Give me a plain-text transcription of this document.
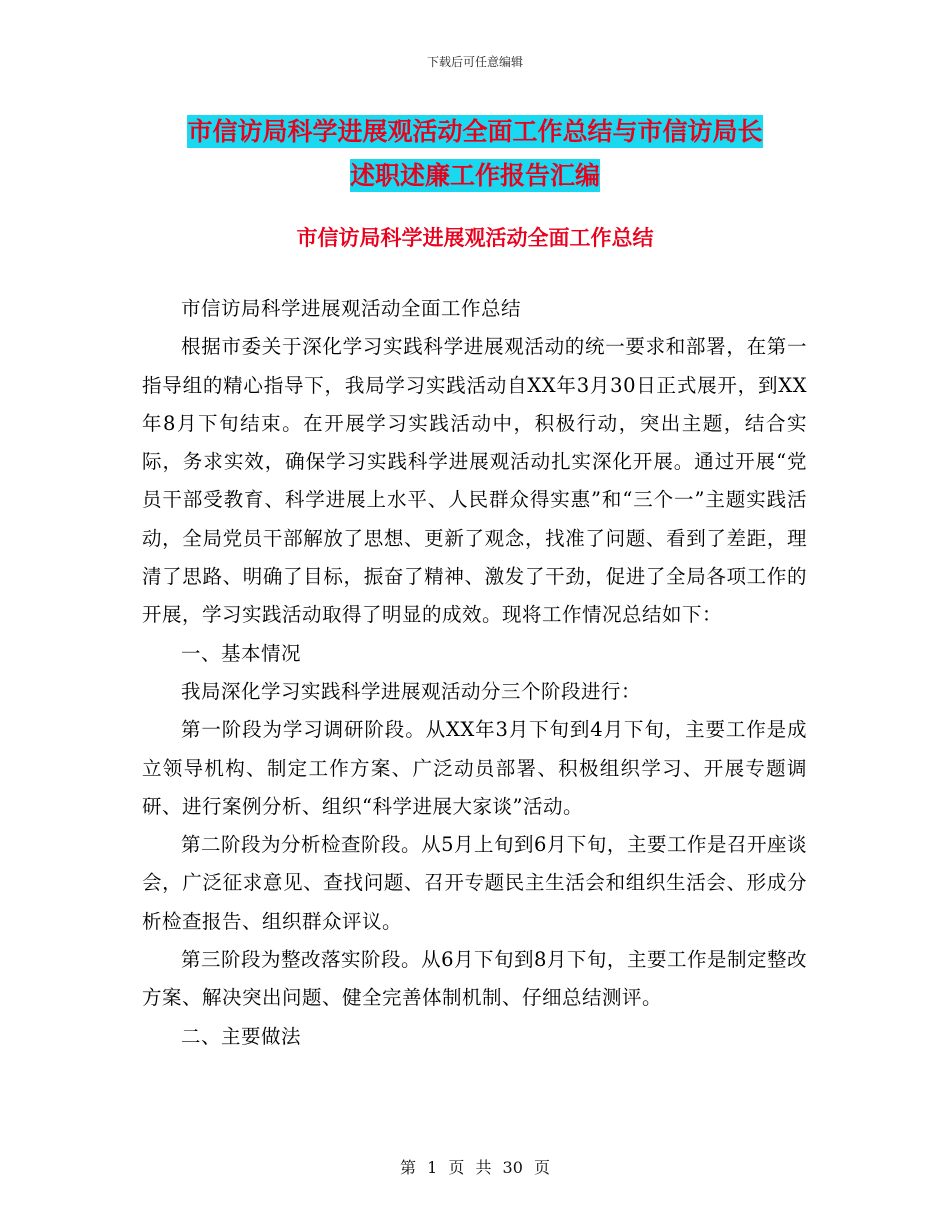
下载后可任意编辑
市信访局科学进展观活动全面工作总结与市信访局长
述职述廉工作报告汇编
市信访局科学进展观活动全面工作总结

市信访局科学进展观活动全面工作总结

根据市委关于深化学习实践科学进展观活动的统一要求和部署，在第一指导组的精心指导下，我局学习实践活动自XX年3月30日正式展开，到XX年8月下旬结束。在开展学习实践活动中，积极行动，突出主题，结合实际，务求实效，确保学习实践科学进展观活动扎实深化开展。通过开展“党员干部受教育、科学进展上水平、人民群众得实惠”和“三个一”主题实践活动，全局党员干部解放了思想、更新了观念，找准了问题、看到了差距，理清了思路、明确了目标，振奋了精神、激发了干劲，促进了全局各项工作的开展，学习实践活动取得了明显的成效。现将工作情况总结如下：

一、基本情况

我局深化学习实践科学进展观活动分三个阶段进行：

第一阶段为学习调研阶段。从XX年3月下旬到4月下旬，主要工作是成立领导机构、制定工作方案、广泛动员部署、积极组织学习、开展专题调研、进行案例分析、组织“科学进展大家谈”活动。

第二阶段为分析检查阶段。从5月上旬到6月下旬，主要工作是召开座谈会，广泛征求意见、查找问题、召开专题民主生活会和组织生活会、形成分析检查报告、组织群众评议。

第三阶段为整改落实阶段。从6月下旬到8月下旬，主要工作是制定整改方案、解决突出问题、健全完善体制机制、仔细总结测评。

二、主要做法

第 1 页 共 30 页
